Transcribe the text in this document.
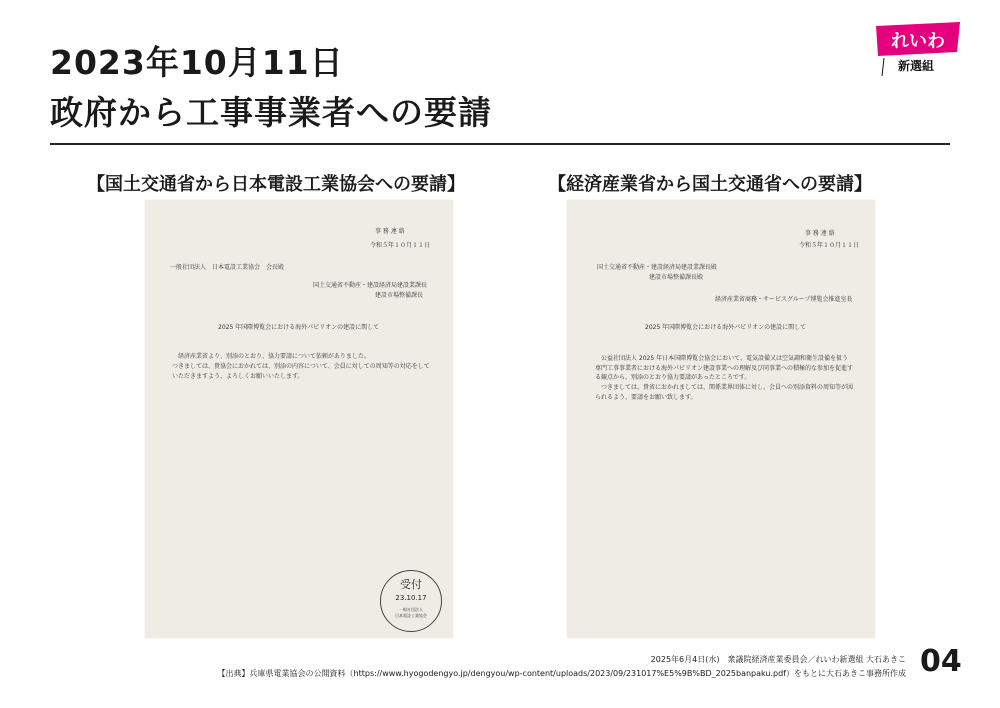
2023年10月11日
政府から工事事業者への要請
れいわ
新選組
【国土交通省から日本電設工業協会への要請】	【経済産業省から国土交通省への要請】
事 務 連 絡
令和５年１０月１１日
一般社団法人　日本電設工業協会　会長殿
国土交通省不動産・建設経済局建設業課長
建設市場整備課長
2025 年国際博覧会における海外パビリオンの建設に関して
経済産業省より、別添のとおり、協力要請について依頼がありました。
つきましては、貴協会におかれては、別添の内容について、会員に対しての周知等の対応をしていただきますよう、よろしくお願いいたします。
受付
23.10.17
一般社団法人
日本電設工業協会
事 務 連 絡
令和５年１０月１１日
国土交通省不動産・建設経済局建設業課長殿
建設市場整備課長殿
経済産業省商務・サービスグループ博覧会推進室長
2025 年国際博覧会における海外パビリオンの建設に関して
公益社団法人 2025 年日本国際博覧会協会において、電気設備又は空気調和衛生設備を扱う専門工事事業者における海外パビリオン建設事業への理解及び同事業への積極的な参加を促進する観点から、別添のとおり協力要請があったところです。
つきましては、貴省におかれましては、関係業界団体に対し、会員への別添資料の周知等が図られるよう、要請をお願い致します。
2025年6月4日(水)　衆議院経済産業委員会／れいわ新選組 大石あきこ
【出典】兵庫県電業協会の公開資料（https://www.hyogodengyo.jp/dengyou/wp-content/uploads/2023/09/231017%E5%9B%BD_2025banpaku.pdf）をもとに大石あきこ事務所作成 04
